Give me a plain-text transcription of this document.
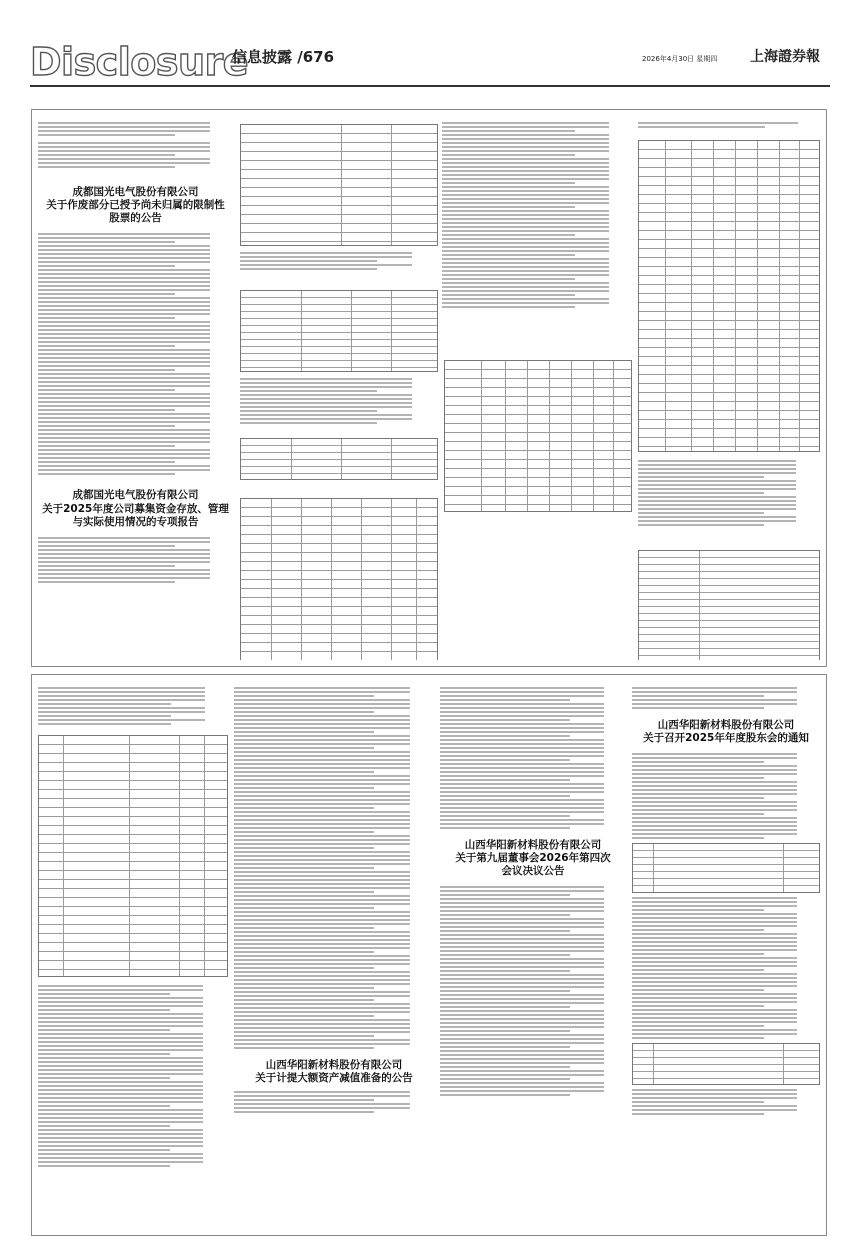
Disclosure
信息披露 /676	2026年4月30日 星期四 上海證券報
成都国光电气股份有限公司
关于作废部分已授予尚未归属的限制性
股票的公告
成都国光电气股份有限公司
关于2025年度公司募集资金存放、管理
与实际使用情况的专项报告
山西华阳新材料股份有限公司
关于计提大额资产减值准备的公告
山西华阳新材料股份有限公司
关于第九届董事会2026年第四次
会议决议公告
山西华阳新材料股份有限公司
关于召开2025年年度股东会的通知
